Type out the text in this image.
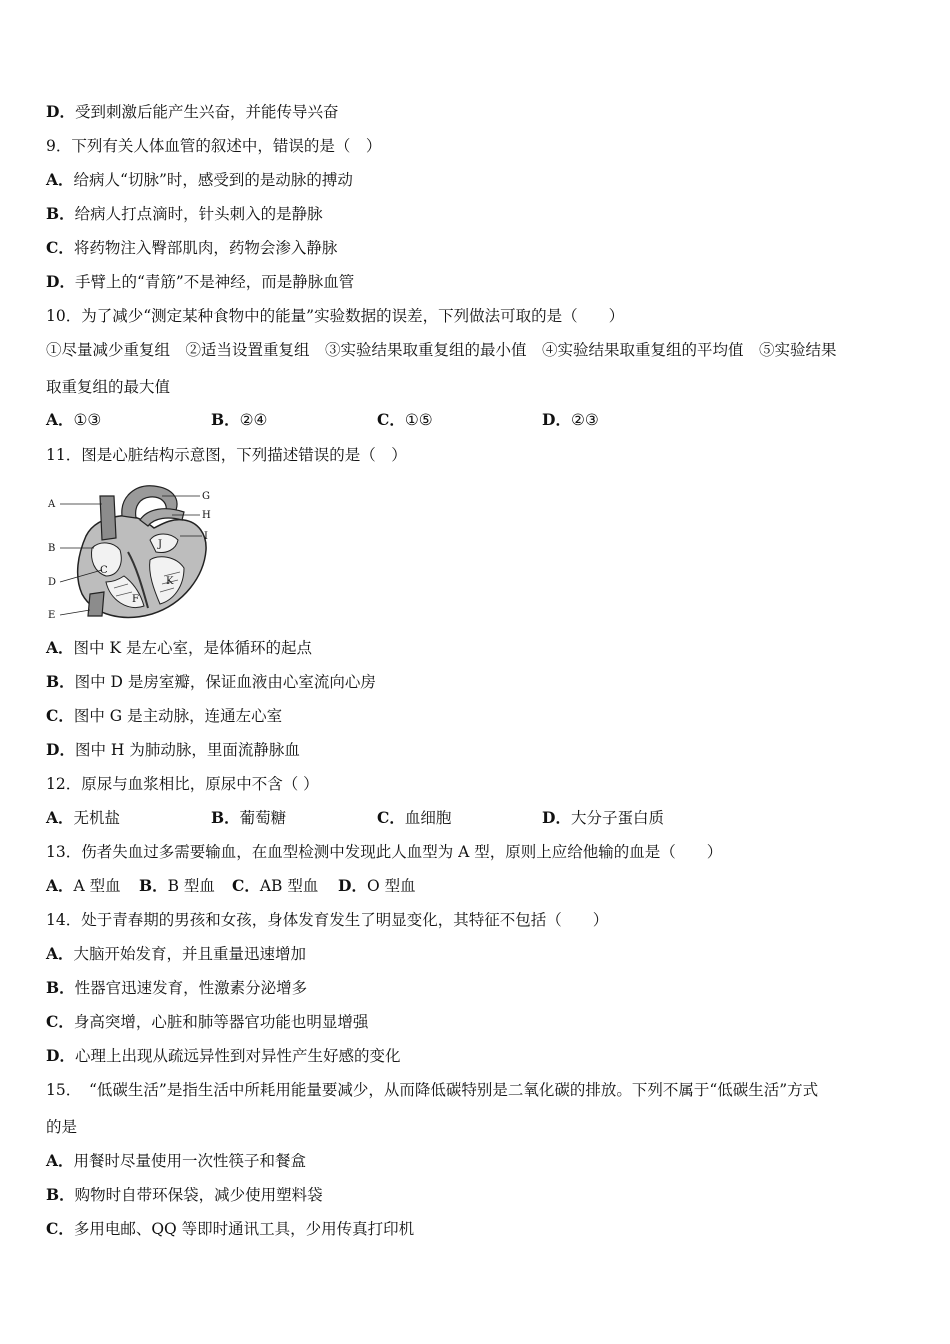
D．受到刺激后能产生兴奋，并能传导兴奋
9．下列有关人体血管的叙述中，错误的是（　）
A．给病人“切脉”时，感受到的是动脉的搏动
B．给病人打点滴时，针头刺入的是静脉
C．将药物注入臀部肌肉，药物会渗入静脉
D．手臂上的“青筋”不是神经，而是静脉血管
10．为了减少“测定某种食物中的能量”实验数据的误差，下列做法可取的是（　　）
①尽量减少重复组　②适当设置重复组　③实验结果取重复组的最小值　④实验结果取重复组的平均值　⑤实验结果
取重复组的最大值
A．①③	B．②④	C．①⑤	D．②③
11．图是心脏结构示意图，下列描述错误的是（　）
A
B
D
E
G
H
I
J
C
K
F
A．图中 K 是左心室，是体循环的起点
B．图中 D 是房室瓣，保证血液由心室流向心房
C．图中 G 是主动脉，连通左心室
D．图中 H 为肺动脉，里面流静脉血
12．原尿与血浆相比，原尿中不含（ ）
A．无机盐	B．葡萄糖	C．血细胞	D．大分子蛋白质
13．伤者失血过多需要输血，在血型检测中发现此人血型为 A 型，原则上应给他输的血是（　　）
A．A 型血 B．B 型血 C．AB 型血 D．O 型血
14．处于青春期的男孩和女孩，身体发育发生了明显变化，其特征不包括（　　）
A．大脑开始发育，并且重量迅速增加
B．性器官迅速发育，性激素分泌增多
C．身高突增，心脏和肺等器官功能也明显增强
D．心理上出现从疏远异性到对异性产生好感的变化
15．　“低碳生活”是指生活中所耗用能量要减少，从而降低碳特别是二氧化碳的排放。下列不属于“低碳生活”方式
的是
A．用餐时尽量使用一次性筷子和餐盒
B．购物时自带环保袋，减少使用塑料袋
C．多用电邮、QQ 等即时通讯工具，少用传真打印机
